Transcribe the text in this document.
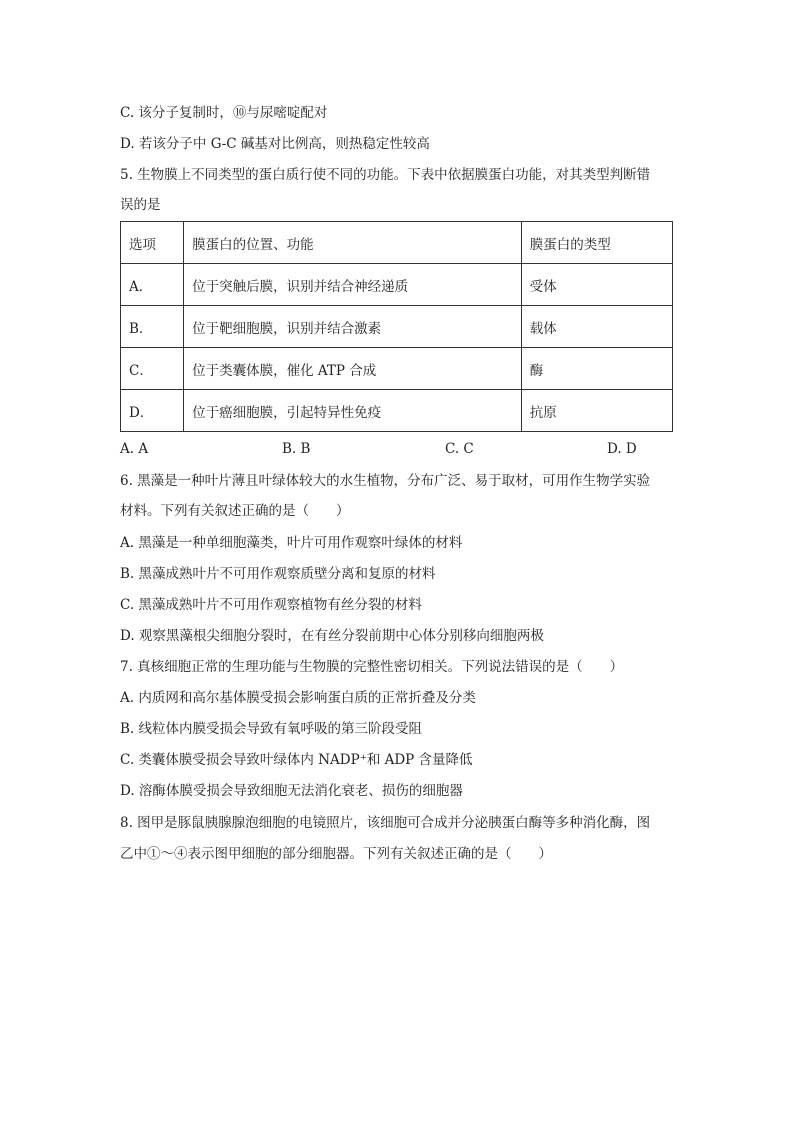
C. 该分子复制时，⑩与尿嘧啶配对
D. 若该分子中 G-C 碱基对比例高，则热稳定性较高
5. 生物膜上不同类型的蛋白质行使不同的功能。下表中依据膜蛋白功能，对其类型判断错
误的是
选项	膜蛋白的位置、功能	膜蛋白的类型
A．	位于突触后膜，识别并结合神经递质	受体
B．	位于靶细胞膜，识别并结合激素	载体
C．	位于类囊体膜，催化 ATP 合成	酶
D．	位于癌细胞膜，引起特异性免疫	抗原
A. A	B. B	C. C	D. D
6. 黑藻是一种叶片薄且叶绿体较大的水生植物，分布广泛、易于取材，可用作生物学实验
材料。下列有关叙述正确的是（　　）
A. 黑藻是一种单细胞藻类，叶片可用作观察叶绿体的材料
B. 黑藻成熟叶片不可用作观察质壁分离和复原的材料
C. 黑藻成熟叶片不可用作观察植物有丝分裂的材料
D. 观察黑藻根尖细胞分裂时，在有丝分裂前期中心体分别移向细胞两极
7. 真核细胞正常的生理功能与生物膜的完整性密切相关。下列说法错误的是（　　）
A. 内质网和高尔基体膜受损会影响蛋白质的正常折叠及分类
B. 线粒体内膜受损会导致有氧呼吸的第三阶段受阻
C. 类囊体膜受损会导致叶绿体内 NADP⁺和 ADP 含量降低
D. 溶酶体膜受损会导致细胞无法消化衰老、损伤的细胞器
8. 图甲是豚鼠胰腺腺泡细胞的电镜照片，该细胞可合成并分泌胰蛋白酶等多种消化酶，图
乙中①～④表示图甲细胞的部分细胞器。下列有关叙述正确的是（　　）
